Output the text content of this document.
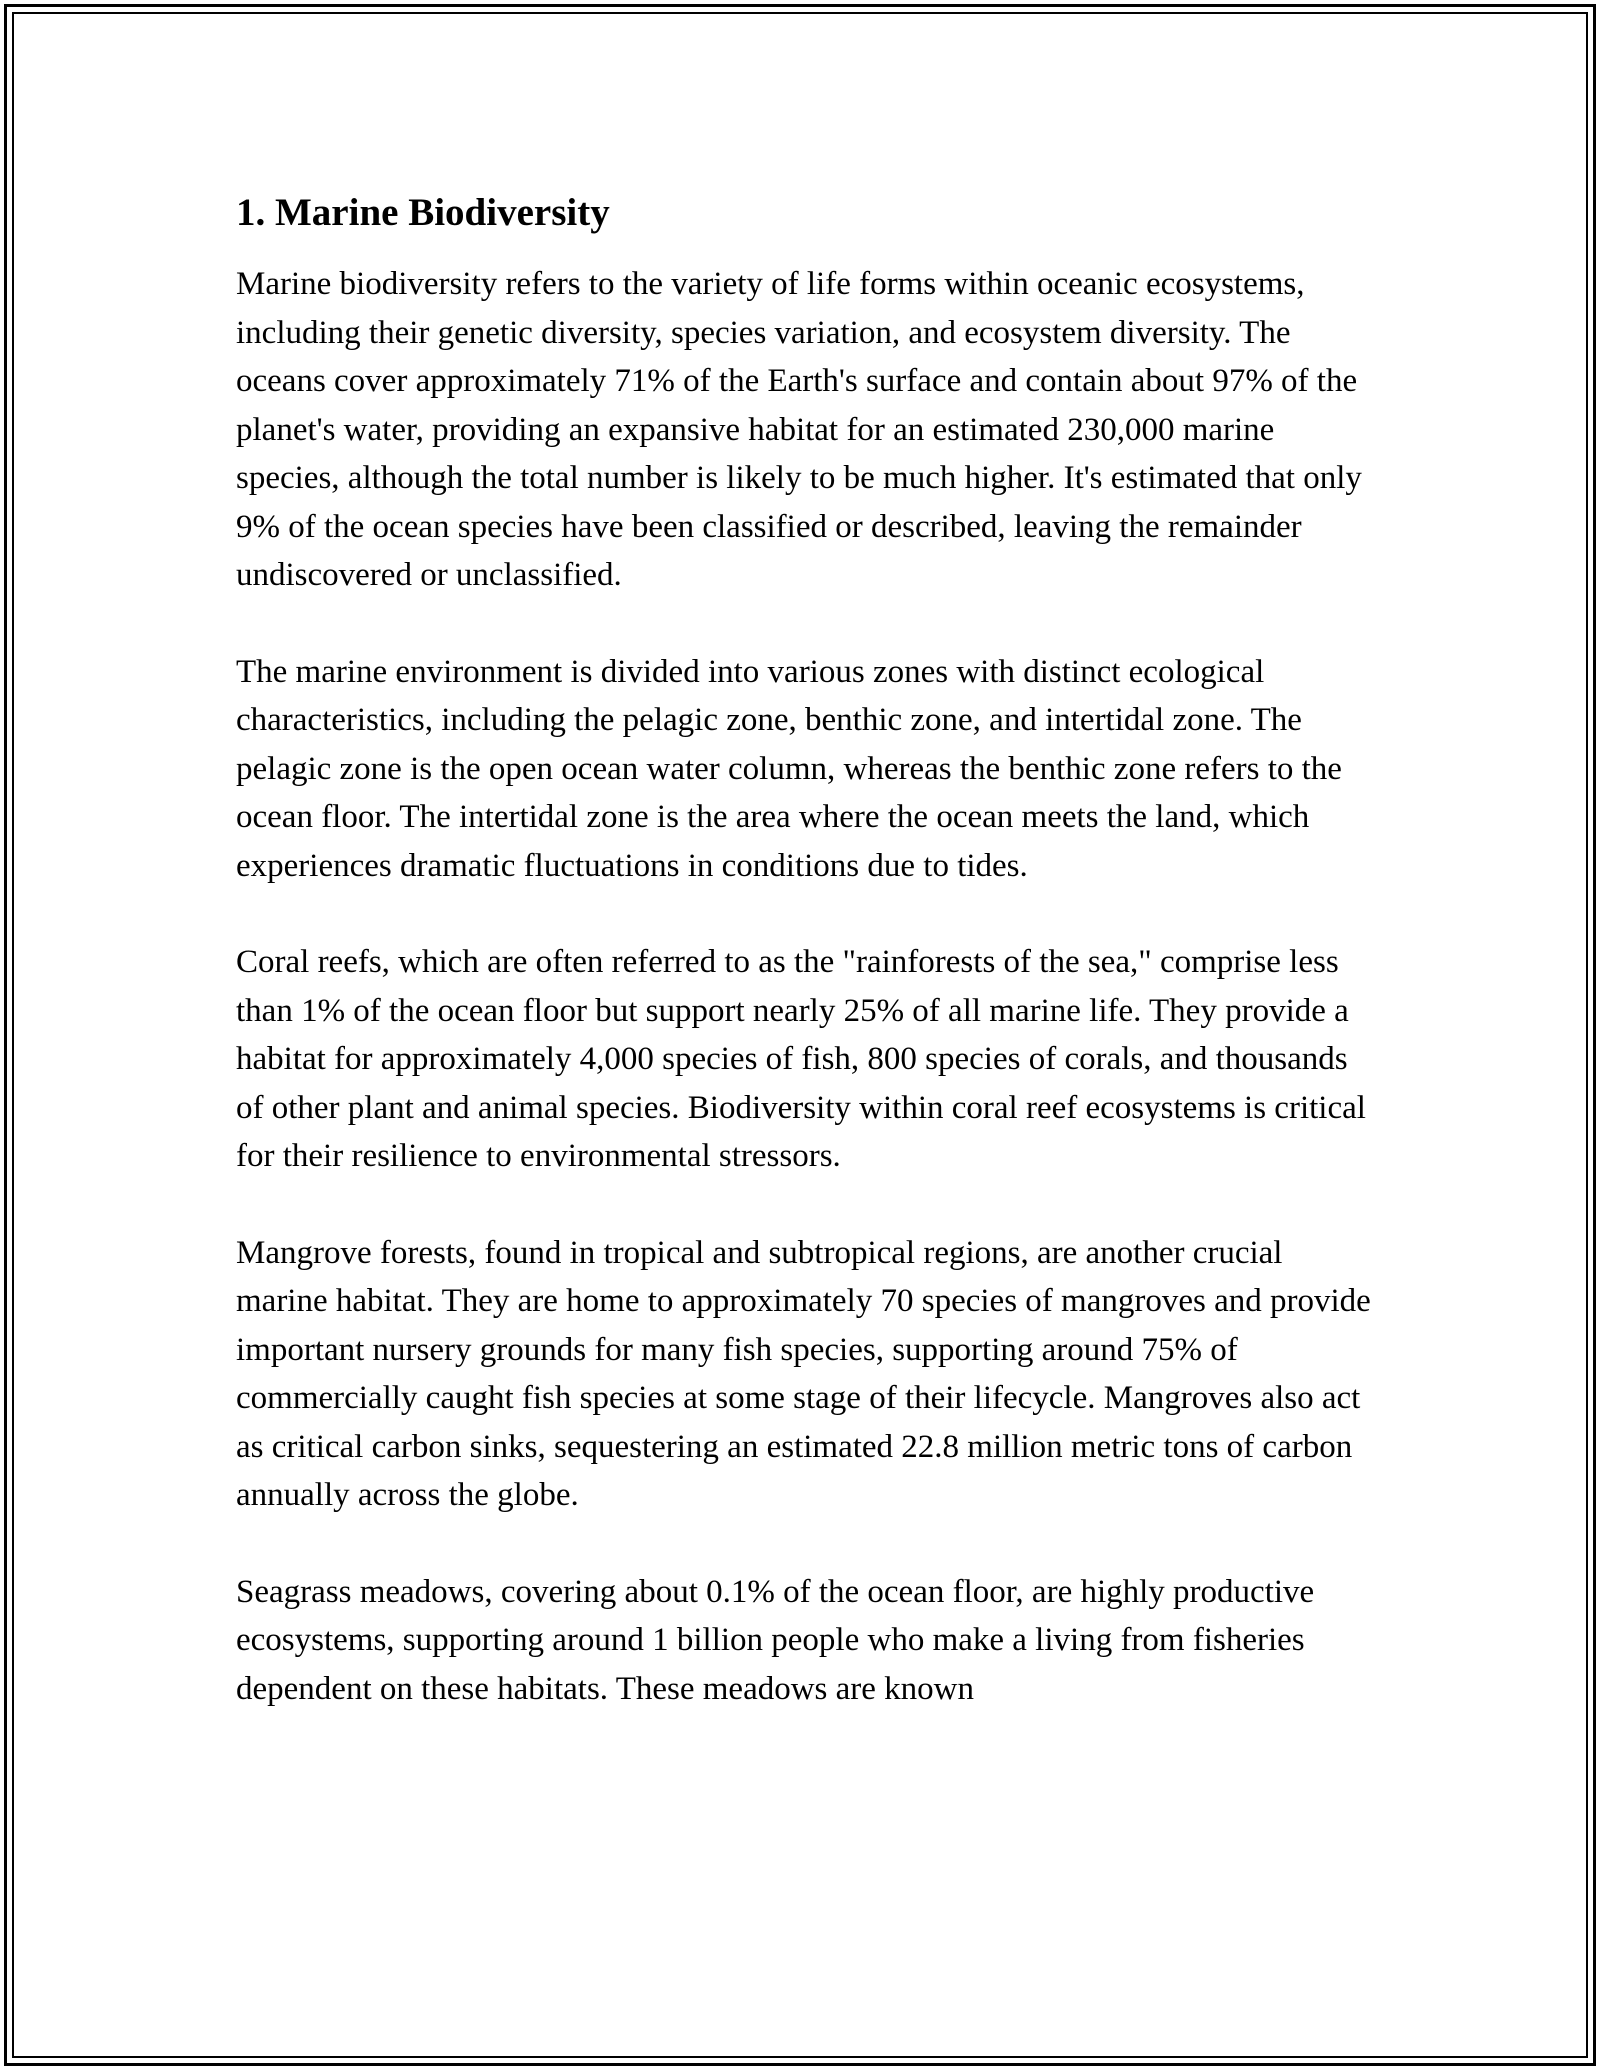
1. Marine Biodiversity

Marine biodiversity refers to the variety of life forms within oceanic ecosystems, including their genetic diversity, species variation, and ecosystem diversity. The oceans cover approximately 71% of the Earth's surface and contain about 97% of the planet's water, providing an expansive habitat for an estimated 230,000 marine species, although the total number is likely to be much higher. It's estimated that only 9% of the ocean species have been classified or described, leaving the remainder undiscovered or unclassified.

The marine environment is divided into various zones with distinct ecological characteristics, including the pelagic zone, benthic zone, and intertidal zone. The pelagic zone is the open ocean water column, whereas the benthic zone refers to the ocean floor. The intertidal zone is the area where the ocean meets the land, which experiences dramatic fluctuations in conditions due to tides.

Coral reefs, which are often referred to as the "rainforests of the sea," comprise less than 1% of the ocean floor but support nearly 25% of all marine life. They provide a habitat for approximately 4,000 species of fish, 800 species of corals, and thousands of other plant and animal species. Biodiversity within coral reef ecosystems is critical for their resilience to environmental stressors.

Mangrove forests, found in tropical and subtropical regions, are another crucial marine habitat. They are home to approximately 70 species of mangroves and provide important nursery grounds for many fish species, supporting around 75% of commercially caught fish species at some stage of their lifecycle. Mangroves also act as critical carbon sinks, sequestering an estimated 22.8 million metric tons of carbon annually across the globe.

Seagrass meadows, covering about 0.1% of the ocean floor, are highly productive ecosystems, supporting around 1 billion people who make a living from fisheries dependent on these habitats. These meadows are known
